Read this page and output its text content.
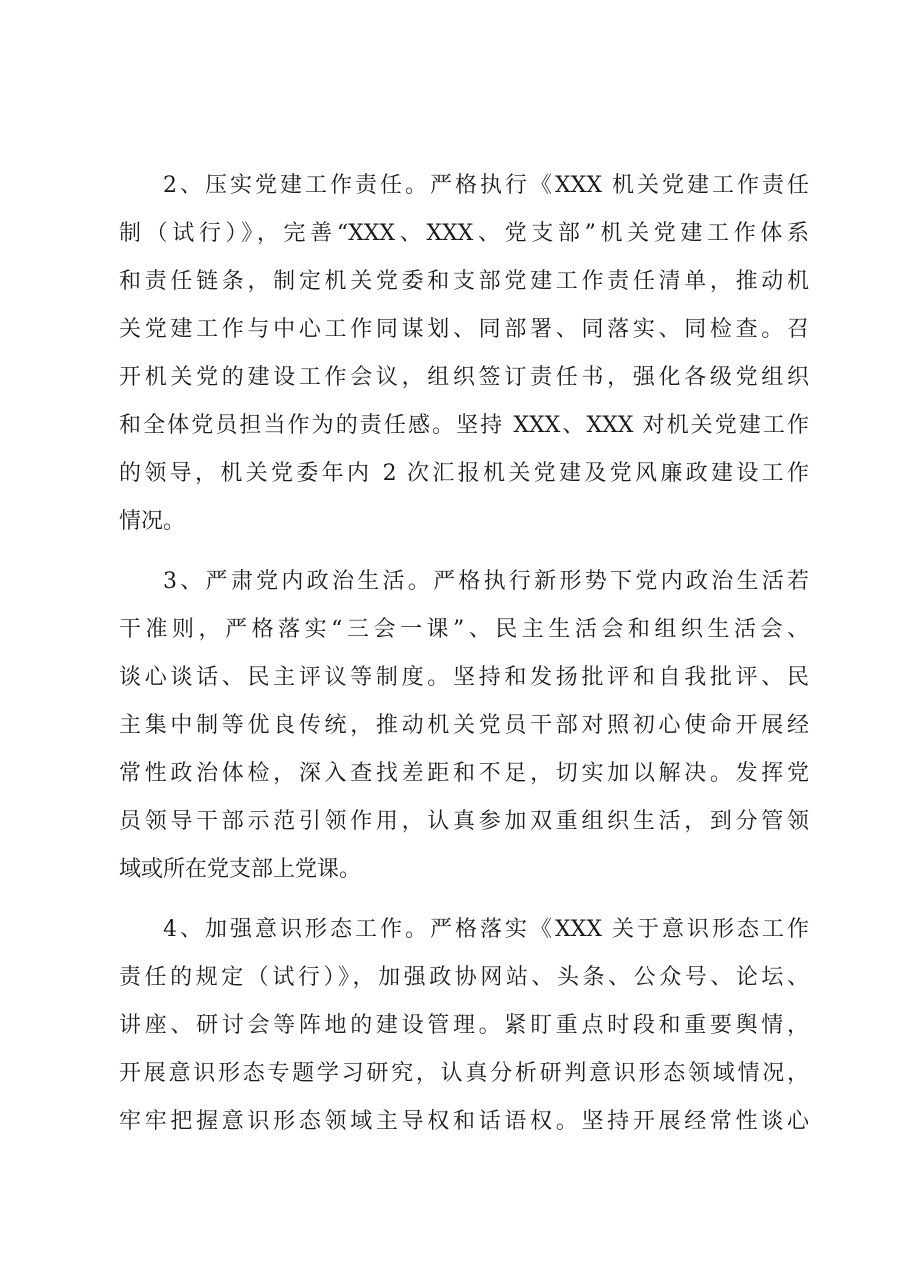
2、压实党建工作责任。严格执行《XXX 机关党建工作责任
制（试行）》，完善“XXX、XXX、党支部”机关党建工作体系
和责任链条，制定机关党委和支部党建工作责任清单，推动机
关党建工作与中心工作同谋划、同部署、同落实、同检查。召
开机关党的建设工作会议，组织签订责任书，强化各级党组织
和全体党员担当作为的责任感。坚持 XXX、XXX 对机关党建工作
的领导，机关党委年内 2 次汇报机关党建及党风廉政建设工作
情况。
3、严肃党内政治生活。严格执行新形势下党内政治生活若
干准则，严格落实“三会一课”、民主生活会和组织生活会、
谈心谈话、民主评议等制度。坚持和发扬批评和自我批评、民
主集中制等优良传统，推动机关党员干部对照初心使命开展经
常性政治体检，深入查找差距和不足，切实加以解决。发挥党
员领导干部示范引领作用，认真参加双重组织生活，到分管领
域或所在党支部上党课。
4、加强意识形态工作。严格落实《XXX 关于意识形态工作
责任的规定（试行）》，加强政协网站、头条、公众号、论坛、
讲座、研讨会等阵地的建设管理。紧盯重点时段和重要舆情，
开展意识形态专题学习研究，认真分析研判意识形态领域情况，
牢牢把握意识形态领域主导权和话语权。坚持开展经常性谈心
